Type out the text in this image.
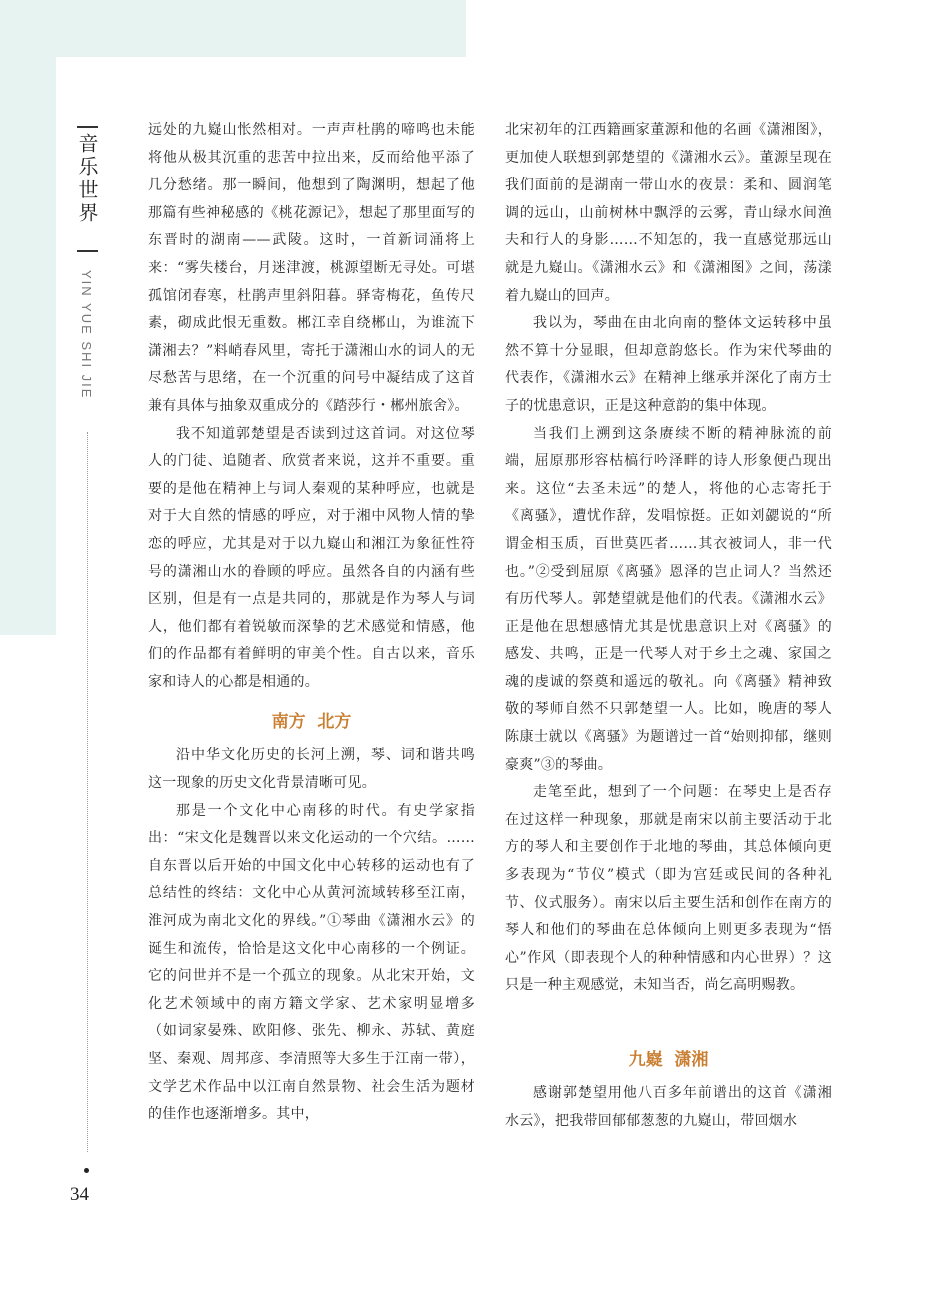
音乐世界
YIN YUE SHI JIE
34

远处的九嶷山怅然相对。一声声杜鹃的啼鸣也未能将他从极其沉重的悲苦中拉出来，反而给他平添了几分愁绪。那一瞬间，他想到了陶渊明，想起了他那篇有些神秘感的《桃花源记》，想起了那里面写的东晋时的湖南——武陵。这时，一首新词涌将上来：“雾失楼台，月迷津渡，桃源望断无寻处。可堪孤馆闭春寒，杜鹃声里斜阳暮。驿寄梅花，鱼传尺素，砌成此恨无重数。郴江幸自绕郴山，为谁流下潇湘去？”料峭春风里，寄托于潇湘山水的词人的无尽愁苦与思绪，在一个沉重的问号中凝结成了这首兼有具体与抽象双重成分的《踏莎行・郴州旅舍》。

我不知道郭楚望是否读到过这首词。对这位琴人的门徒、追随者、欣赏者来说，这并不重要。重要的是他在精神上与词人秦观的某种呼应，也就是对于大自然的情感的呼应，对于湘中风物人情的挚恋的呼应，尤其是对于以九嶷山和湘江为象征性符号的潇湘山水的眷顾的呼应。虽然各自的内涵有些区别，但是有一点是共同的，那就是作为琴人与词人，他们都有着锐敏而深挚的艺术感觉和情感，他们的作品都有着鲜明的审美个性。自古以来，音乐家和诗人的心都是相通的。

南方  北方

沿中华文化历史的长河上溯，琴、词和谐共鸣这一现象的历史文化背景清晰可见。

那是一个文化中心南移的时代。有史学家指出：“宋文化是魏晋以来文化运动的一个穴结。……自东晋以后开始的中国文化中心转移的运动也有了总结性的终结：文化中心从黄河流域转移至江南，淮河成为南北文化的界线。”①琴曲《潇湘水云》的诞生和流传，恰恰是这文化中心南移的一个例证。它的问世并不是一个孤立的现象。从北宋开始，文化艺术领域中的南方籍文学家、艺术家明显增多（如词家晏殊、欧阳修、张先、柳永、苏轼、黄庭坚、秦观、周邦彦、李清照等大多生于江南一带），文学艺术作品中以江南自然景物、社会生活为题材的佳作也逐渐增多。其中，

北宋初年的江西籍画家董源和他的名画《潇湘图》，更加使人联想到郭楚望的《潇湘水云》。董源呈现在我们面前的是湖南一带山水的夜景：柔和、圆润笔调的远山，山前树林中飘浮的云雾，青山绿水间渔夫和行人的身影……不知怎的，我一直感觉那远山就是九嶷山。《潇湘水云》和《潇湘图》之间，荡漾着九嶷山的回声。

我以为，琴曲在由北向南的整体文运转移中虽然不算十分显眼，但却意韵悠长。作为宋代琴曲的代表作，《潇湘水云》在精神上继承并深化了南方士子的忧患意识，正是这种意韵的集中体现。

当我们上溯到这条赓续不断的精神脉流的前端，屈原那形容枯槁行吟泽畔的诗人形象便凸现出来。这位“去圣未远”的楚人，将他的心志寄托于《离骚》，遭忧作辞，发唱惊挺。正如刘勰说的“所谓金相玉质，百世莫匹者……其衣被词人，非一代也。”②受到屈原《离骚》恩泽的岂止词人？当然还有历代琴人。郭楚望就是他们的代表。《潇湘水云》正是他在思想感情尤其是忧患意识上对《离骚》的感发、共鸣，正是一代琴人对于乡土之魂、家国之魂的虔诚的祭奠和遥远的敬礼。向《离骚》精神致敬的琴师自然不只郭楚望一人。比如，晚唐的琴人陈康士就以《离骚》为题谱过一首“始则抑郁，继则豪爽”③的琴曲。

走笔至此，想到了一个问题：在琴史上是否存在过这样一种现象，那就是南宋以前主要活动于北方的琴人和主要创作于北地的琴曲，其总体倾向更多表现为“节仪”模式（即为宫廷或民间的各种礼节、仪式服务）。南宋以后主要生活和创作在南方的琴人和他们的琴曲在总体倾向上则更多表现为“悟心”作风（即表现个人的种种情感和内心世界）？这只是一种主观感觉，未知当否，尚乞高明赐教。

九嶷  潇湘

感谢郭楚望用他八百多年前谱出的这首《潇湘水云》，把我带回郁郁葱葱的九嶷山，带回烟水
